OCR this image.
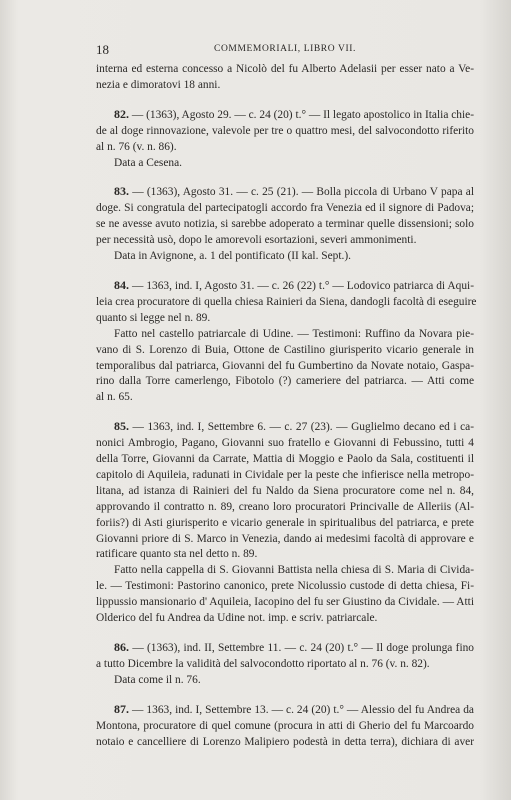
18	COMMEMORIALI, LIBRO VII.

interna ed esterna concesso a Nicolò del fu Alberto Adelasii per esser nato a Ve-
nezia e dimoratovi 18 anni.

82. — (1363), Agosto 29. — c. 24 (20) t.° — Il legato apostolico in Italia chie-
de al doge rinnovazione, valevole per tre o quattro mesi, del salvocondotto riferito
al n. 76 (v. n. 86).

Data a Cesena.

83. — (1363), Agosto 31. — c. 25 (21). — Bolla piccola di Urbano V papa al
doge. Si congratula del partecipatogli accordo fra Venezia ed il signore di Padova;
se ne avesse avuto notizia, si sarebbe adoperato a terminar quelle dissensioni; solo
per necessità usò, dopo le amorevoli esortazioni, severi ammonimenti.

Data in Avignone, a. 1 del pontificato (II kal. Sept.).

84. — 1363, ind. I, Agosto 31. — c. 26 (22) t.° — Lodovico patriarca di Aqui-
leia crea procuratore di quella chiesa Rainieri da Siena, dandogli facoltà di eseguire
quanto si legge nel n. 89.

Fatto nel castello patriarcale di Udine. — Testimoni: Ruffino da Novara pie-
vano di S. Lorenzo di Buia, Ottone de Castilino giurisperito vicario generale in
temporalibus dal patriarca, Giovanni del fu Gumbertino da Novate notaio, Gaspa-
rino dalla Torre camerlengo, Fibotolo (?) cameriere del patriarca. — Atti come
al n. 65.

85. — 1363, ind. I, Settembre 6. — c. 27 (23). — Guglielmo decano ed i ca-
nonici Ambrogio, Pagano, Giovanni suo fratello e Giovanni di Febussino, tutti 4
della Torre, Giovanni da Carrate, Mattia di Moggio e Paolo da Sala, costituenti il
capitolo di Aquileia, radunati in Cividale per la peste che infierisce nella metropo-
litana, ad istanza di Rainieri del fu Naldo da Siena procuratore come nel n. 84,
approvando il contratto n. 89, creano loro procuratori Princivalle de Alleriis (Al-
foriis?) di Asti giurisperito e vicario generale in spiritualibus del patriarca, e prete
Giovanni priore di S. Marco in Venezia, dando ai medesimi facoltà di approvare e
ratificare quanto sta nel detto n. 89.

Fatto nella cappella di S. Giovanni Battista nella chiesa di S. Maria di Civida-
le. — Testimoni: Pastorino canonico, prete Nicolussio custode di detta chiesa, Fi-
lippussio mansionario d' Aquileia, Iacopino del fu ser Giustino da Cividale. — Atti
Olderico del fu Andrea da Udine not. imp. e scriv. patriarcale.

86. — (1363), ind. II, Settembre 11. — c. 24 (20) t.° — Il doge prolunga fino
a tutto Dicembre la validità del salvocondotto riportato al n. 76 (v. n. 82).

Data come il n. 76.

87. — 1363, ind. I, Settembre 13. — c. 24 (20) t.° — Alessio del fu Andrea da
Montona, procuratore di quel comune (procura in atti di Gherio del fu Marcoardo
notaio e cancelliere di Lorenzo Malipiero podestà in detta terra), dichiara di aver
